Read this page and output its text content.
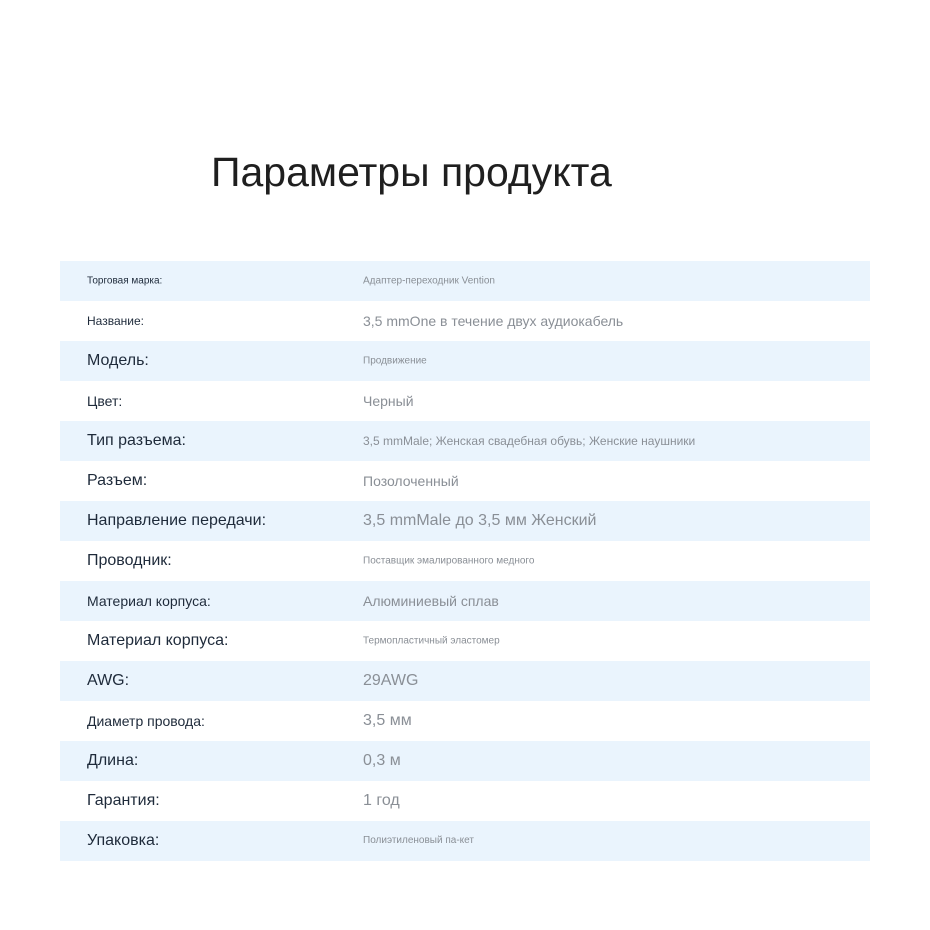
Параметры продукта
Торговая марка:	Адаптер-переходник Vention
Название:	3,5 mmOne в течение двух аудиокабель
Модель:	Продвижение
Цвет:	Черный
Тип разъема:	3,5 mmMale; Женская свадебная обувь; Женские наушники
Разъем:	Позолоченный
Направление передачи:	3,5 mmMale до 3,5 мм Женский
Проводник:	Поставщик эмалированного медного
Материал корпуса:	Алюминиевый сплав
Материал корпуса:	Термопластичный эластомер
AWG:	29AWG
Диаметр провода:	3,5 мм
Длина:	0,3 м
Гарантия:	1 год
Упаковка:	Полиэтиленовый па-кет
